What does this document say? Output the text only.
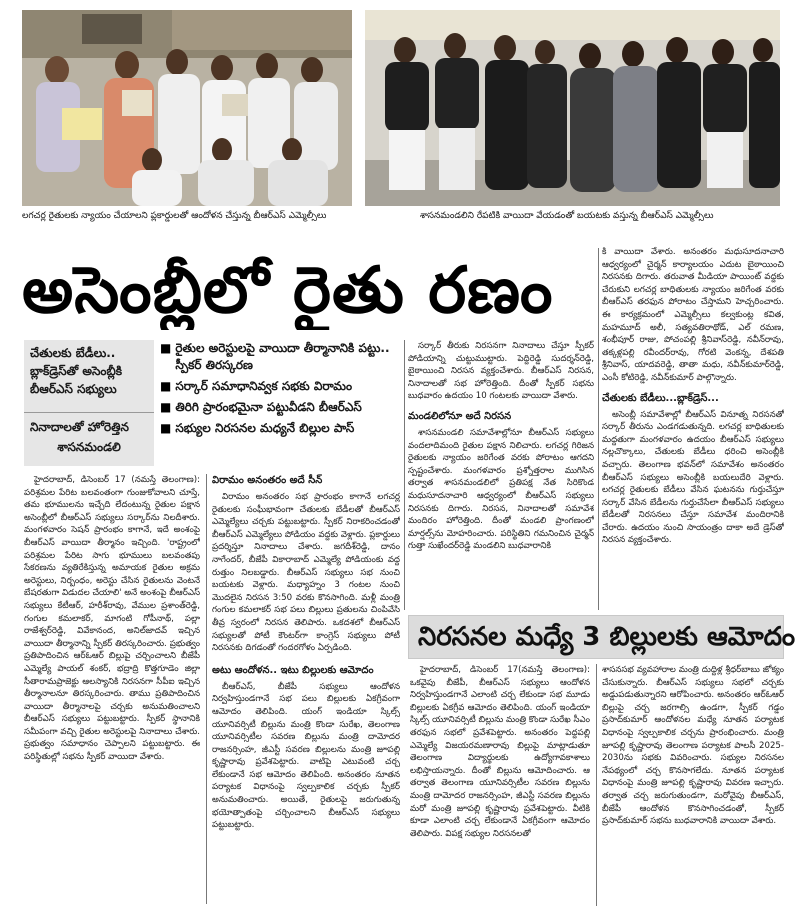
లగచర్ల రైతులకు న్యాయం చేయాలని ప్లకార్డులతో ఆందోళన చేస్తున్న బీఆర్‌ఎస్ ఎమ్మెల్సీలు	శాసనమండలిని రేపటికి వాయిదా వేయడంతో బయటకు వస్తున్న బీఆర్‌ఎస్ ఎమ్మెల్సీలు
అసెంబ్లీలో రైతు రణం
చేతులకు బేడీలు..
బ్లాక్‌డ్రెస్‌తో అసెంబ్లీకి
బీఆర్‌ఎస్ సభ్యులు
నినాదాలతో హోరెత్తిన
శాసనమండలి
■ రైతుల అరెస్టులపై వాయిదా తీర్మానానికి పట్టు.. స్పీకర్ తిరస్కరణ
■ సర్కార్ సమాధానివ్వక సభకు విరామం
■ తిరిగి ప్రారంభమైనా పట్టువీడని బీఆర్‌ఎస్
■ సభ్యుల నిరసనల మధ్యనే బిల్లుల పాస్

హైదరాబాద్, డిసెంబర్ 17 (నమస్తే తెలంగాణ): పరిశ్రమల పేరిట బలవంతంగా గుంజుకోవాలని చూస్తే, తమ భూములను ఇచ్చేది లేదంటున్న రైతుల పక్షాన అసెంబ్లీలో బీఆర్‌ఎస్ సభ్యులు సర్కార్‌ను నిలదీశారు. మంగళవారం సెషన్ ప్రారంభం కాగానే, ఇదే అంశంపై బీఆర్‌ఎస్ వాయిదా తీర్మానం ఇచ్చింది. 'రాష్ట్రంలో పరిశ్రమల పేరిట సాగు భూములు బలవంతపు సేకరణను వ్యతిరేకిస్తున్న అమాయక రైతుల అక్రమ అరెస్టులు, నిర్బంధం, అరెస్టు చేసిన రైతులను వెంటనే బేషరతుగా విడుదల చేయాలి' అనే అంశంపై బీఆర్‌ఎస్ సభ్యులు కేటీఆర్, హరీశ్‌రావు, వేముల ప్రశాంత్‌రెడ్డి, గంగుల కమలాకర్, మాగంటి గోపీనాథ్, పల్లా రాజేశ్వర్‌రెడ్డి, వివేకానంద, అనిల్‌జాదవ్ ఇచ్చిన వాయిదా తీర్మానాన్ని స్పీకర్ తిరస్కరించారు. ప్రభుత్వం ప్రతిపాదించిన ఆర్‌ఓఆర్ బిల్లుపై చర్చించాలని బీజేపీ ఎమ్మెల్యే పాయల్ శంకర్, భద్రాద్రి కొత్తగూడెం జిల్లా సీతారామప్రాజెక్టు ఆలస్యానికి నిరసనగా సీపీఐ ఇచ్చిన తీర్మానాలనూ తిరస్కరించారు. తాము ప్రతిపాదించిన వాయిదా తీర్మానాలపై చర్చకు అనుమతించాలని బీఆర్‌ఎస్ సభ్యులు పట్టుబట్టారు. స్పీకర్ స్థానానికి సమీపంగా వచ్చి రైతుల అరెస్టులపై నినాదాలు చేశారు. ప్రభుత్వం సమాధానం చెప్పాలని పట్టుబట్టారు. ఈ పరిస్థితుల్లో సభను స్పీకర్ వాయిదా వేశారు.

విరామం అనంతరం అదే సీన్

విరామం అనంతరం సభ ప్రారంభం కాగానే లగచర్ల రైతులకు సంఘీభావంగా చేతులకు బేడీలతో బీఆర్‌ఎస్ ఎమ్మెల్యేలు చర్చకు పట్టుబట్టారు. స్పీకర్ నిరాకరించడంతో బీఆర్‌ఎస్ ఎమ్మెల్యేలు పోడియం వద్దకు వెళ్లారు. ప్లకార్డులు ప్రదర్శిస్తూ నినాదాలు చేశారు. జగదీశ్‌రెడ్డి, దానం నాగేందర్, బీజేపీ వికారాబాద్ ఎమ్మెల్యే పోడియంకు వద్ద రుత్తుం నిలబడ్డారు. బీఆర్‌ఎస్ సభ్యులు సభ నుంచి బయటకు వెళ్లారు. మధ్యాహ్నం 3 గంటల నుంచి మొదలైన నిరసన 3:50 వరకు కొనసాగింది. మళ్లీ మంత్రి గంగుల కమలాకర్ సభ పలు బిల్లులు ప్రతులను చింపివేసి తీవ్ర స్వరంలో నిరసన తెలిపారు. ఒకదశలో బీఆర్‌ఎస్ సభ్యులతో పోటీ కౌంటర్‌గా కాంగ్రెస్ సభ్యులు పోటీ నిరసనకు దిగడంతో గందరగోళం ఏర్పడింది.

అటు ఆందోళన.. ఇటు బిల్లులకు ఆమోదం

బీఆర్‌ఎస్, బీజేపీ సభ్యులు ఆందోళన నిర్వహిస్తుండగానే సభ పలు బిల్లులకు ఏకగ్రీవంగా ఆమోదం తెలిపింది. యంగ్ ఇండియా స్కిల్స్ యూనివర్సిటీ బిల్లును మంత్రి కొండా సురేఖ, తెలంగాణ యూనివర్సిటీల సవరణ బిల్లును మంత్రి దామోదర రాజనర్సింహ, జీఎస్టీ సవరణ బిల్లులను మంత్రి జూపల్లి కృష్ణారావు ప్రవేశపెట్టారు. వాటిపై ఎటువంటి చర్చ లేకుండానే సభ ఆమోదం తెలిపింది. అనంతరం నూతన పర్యాటక విధానంపై స్వల్పకాలిక చర్చకు స్పీకర్ అనుమతించారు. అయితే, రైతులపై జరుగుతున్న భయోత్పాతంపై చర్చించాలని బీఆర్‌ఎస్ సభ్యులు పట్టుబట్టారు.

సర్కార్ తీరుకు నిరసనగా నినాదాలు చేస్తూ స్పీకర్ పోడియాన్ని చుట్టుముట్టారు. పెద్దిరెడ్డి సుదర్శన్‌రెడ్డి, బైఠాయించి నిరసన వ్యక్తంచేశారు. బీఆర్‌ఎస్ నిరసన, నినాదాలతో సభ హోరెత్తింది. దీంతో స్పీకర్ సభను బుధవారం ఉదయం 10 గంటలకు వాయిదా వేశారు.

మండలిలోనూ అదే నిరసన

శాసనమండలి సమావేశాల్లోనూ బీఆర్‌ఎస్ సభ్యులు వందలాదిమంది రైతుల పక్షాన నిలిచారు. లగచర్ల గిరిజన రైతులకు న్యాయం జరిగేంత వరకు పోరాటం ఆగదని స్పష్టంచేశారు. మంగళవారం ప్రశ్నోత్తరాల ముగిసిన తర్వాత శాసనమండలిలో ప్రతిపక్ష నేత సిరికొండ మధుసూదనాచారి ఆధ్వర్యంలో బీఆర్‌ఎస్ సభ్యులు నిరసనకు దిగారు. నిరసన, నినాదాలతో సమావేశ మందిరం హోరెత్తింది. దీంతో మండలి ప్రాంగణంలో మార్షల్స్‌ను మోహరించారు. పరిస్థితిని గమనించిన చైర్మన్ గుత్తా సుఖేందర్‌రెడ్డి మండలిని బుధవారానికి

కి వాయిదా వేశారు. అనంతరం మధుసూదనాచారి ఆధ్వర్యంలో చైర్మన్ కార్యాలయం ఎదుట బైఠాయించి నిరసనకు దిగారు. తరువాత మీడియా పాయింట్ వద్దకు చేరుకుని లగచర్ల బాధితులకు న్యాయం జరిగేంత వరకు బీఆర్‌ఎస్ తరఫున పోరాటం చేస్తామని హెచ్చరించారు. ఈ కార్యక్రమంలో ఎమ్మెల్సీలు కల్వకుంట్ల కవిత, మహమూద్ అలీ, సత్యవతిరాథోడ్, ఎల్ రమణ, శంభీపూర్ రాజు, పోచంపల్లి శ్రీనివాస్‌రెడ్డి, నవీన్‌రావు, తక్కళ్లపల్లి రవీందర్‌రావు, గోరటి వెంకన్న, దేశపతి శ్రీనివాస్, యాదవరెడ్డి, తాతా మధు, నవీన్‌కుమార్‌రెడ్డి, ఎంసీ కోటిరెడ్డి, నవీన్‌కుమార్ పాల్గొన్నారు.

చేతులకు బేడీలు...బ్లాక్‌డ్రెస్‌...

అసెంబ్లీ సమావేశాల్లో బీఆర్‌ఎస్ వినూత్న నిరసనతో సర్కార్ తీరును ఎండగడుతున్నది. లగచర్ల బాధితులకు మద్దతుగా మంగళవారం ఉదయం బీఆర్‌ఎస్ సభ్యులు నల్లచొక్కాలు, చేతులకు బేడీలు ధరించి అసెంబ్లీకి వచ్చారు. తెలంగాణ భవన్‌లో సమావేశం అనంతరం బీఆర్‌ఎస్ సభ్యులు అసెంబ్లీకి బయలుదేరి వెళ్లారు. లగచర్ల రైతులకు బేడీలు వేసిన ఘటనను గుర్తుచేస్తూ సర్కార్ వేసిన బేడీలను గుర్తుచేసేలా బీఆర్‌ఎస్ సభ్యులు బేడీలతో నిరసనలు చేస్తూ సమావేశ మందిరానికి చేరారు. ఉదయం నుంచి సాయంత్రం దాకా అదే డ్రెస్‌తో నిరసన వ్యక్తంచేశారు.

నిరసనల మధ్యే 3 బిల్లులకు ఆమోదం

హైదరాబాద్, డిసెంబర్ 17(నమస్తే తెలంగాణ): ఒకవైపు బీజేపీ, బీఆర్‌ఎస్ సభ్యులు ఆందోళన నిర్వహిస్తుండగానే ఎలాంటి చర్చ లేకుండా సభ మూడు బిల్లులకు ఏకగ్రీవ ఆమోదం తెలిపింది. యంగ్ ఇండియా స్కిల్స్ యూనివర్సిటీ బిల్లును మంత్రి కొండా సురేఖ సీఎం తరఫున సభలో ప్రవేశపెట్టారు. అనంతరం పెద్దపల్లి ఎమ్మెల్యే విజయరమణారావు బిల్లుపై మాట్లాడుతూ తెలంగాణ విద్యార్థులకు ఉద్యోగావకాశాలు లభిస్తాయన్నారు. దీంతో బిల్లును ఆమోదించారు. ఆ తర్వాత తెలంగాణ యూనివర్సిటీల సవరణ బిల్లును మంత్రి దామోదర రాజనర్సింహ, జీఎస్టీ సవరణ బిల్లును మరో మంత్రి జూపల్లి కృష్ణారావు ప్రవేశపెట్టారు. వీటికి కూడా ఎలాంటి చర్చ లేకుండానే ఏకగ్రీవంగా ఆమోదం తెలిపారు. విపక్ష సభ్యుల నిరసనలతో

శాసనసభ వ్యవహారాల మంత్రి దుద్దిళ్ల శ్రీధర్‌బాబు జోక్యం చేసుకున్నారు. బీఆర్‌ఎస్ సభ్యులు సభలో చర్చకు అడ్డుపడుతున్నారని ఆరోపించారు. అనంతరం ఆర్‌ఓఆర్ బిల్లుపై చర్చ జరగాల్సి ఉండగా, స్పీకర్ గడ్డం ప్రసాద్‌కుమార్ ఆందోళనల మధ్యే నూతన పర్యాటక విధానంపై స్వల్పకాలిక చర్చను ప్రారంభించారు. మంత్రి జూపల్లి కృష్ణారావు తెలంగాణ పర్యాటక పాలసీ 2025-2030ను సభకు వివరించారు. సభ్యుల నిరసనల నేపథ్యంలో చర్చ కొనసాగలేదు. నూతన పర్యాటక విధానంపై మంత్రి జూపల్లి కృష్ణారావు వివరణ ఇచ్చారు. తర్వాత చర్చ జరుగుతుండగా, మరోవైపు బీఆర్‌ఎస్, బీజేపీ ఆందోళన కొనసాగించడంతో, స్పీకర్ ప్రసాద్‌కుమార్ సభను బుధవారానికి వాయిదా వేశారు.
